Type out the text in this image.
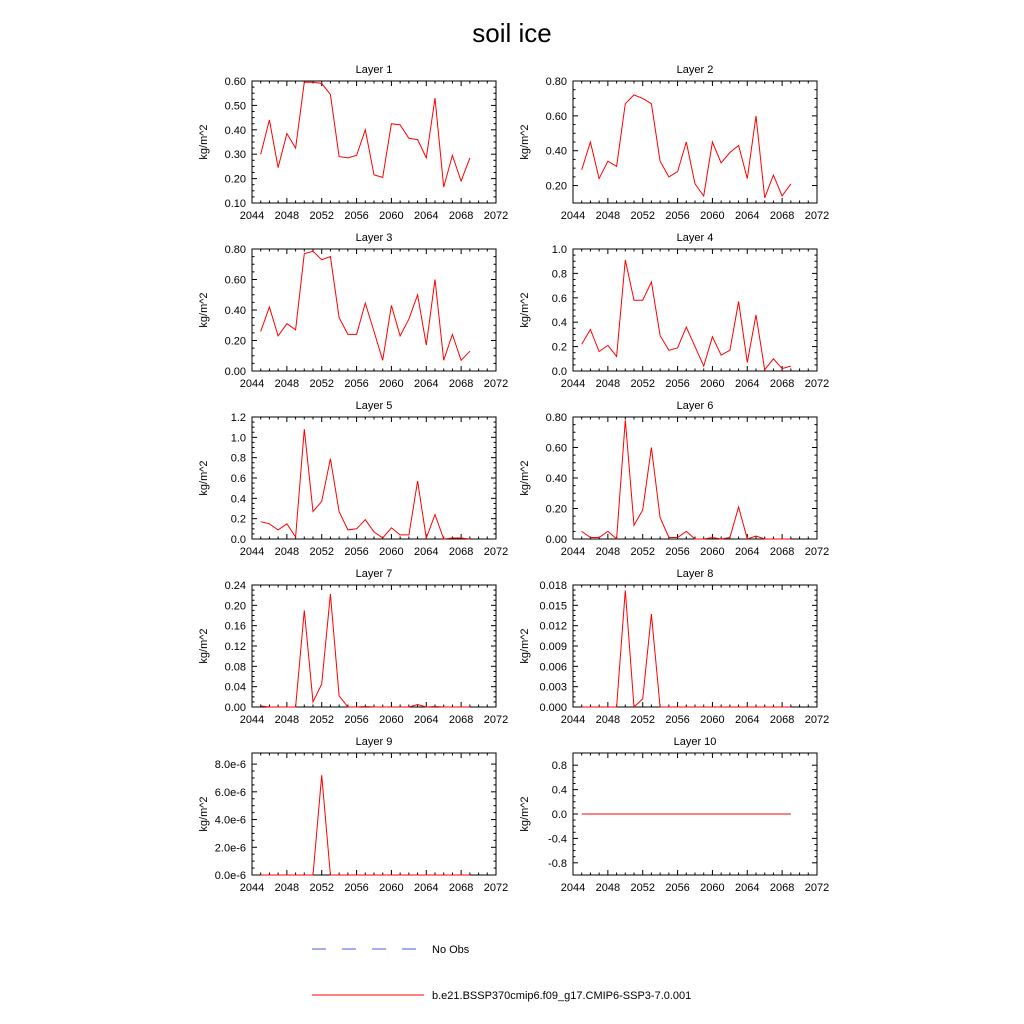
soil ice
Layer 1
kg/m^2
2044 2048 2052 2056 2060 2064 2068 2072
0.10
0.20
0.30
0.40
0.50
0.60
Layer 2
kg/m^2
2044 2048 2052 2056 2060 2064 2068 2072
0.20
0.40
0.60
0.80
Layer 3
kg/m^2
2044 2048 2052 2056 2060 2064 2068 2072
0.00
0.20
0.40
0.60
0.80
Layer 4
kg/m^2
2044 2048 2052 2056 2060 2064 2068 2072
0.0
0.2
0.4
0.6
0.8
1.0
Layer 5
kg/m^2
2044 2048 2052 2056 2060 2064 2068 2072
0.0
0.2
0.4
0.6
0.8
1.0
1.2
Layer 6
kg/m^2
2044 2048 2052 2056 2060 2064 2068 2072
0.00
0.20
0.40
0.60
0.80
Layer 7
kg/m^2
2044 2048 2052 2056 2060 2064 2068 2072
0.00
0.04
0.08
0.12
0.16
0.20
0.24
Layer 8
kg/m^2
2044 2048 2052 2056 2060 2064 2068 2072
0.000
0.003
0.006
0.009
0.012
0.015
0.018
Layer 9
kg/m^2
2044 2048 2052 2056 2060 2064 2068 2072
0.0e-6
2.0e-6
4.0e-6
6.0e-6
8.0e-6
Layer 10
kg/m^2
2044 2048 2052 2056 2060 2064 2068 2072
-0.8
-0.4
0.0
0.4
0.8
No Obs
b.e21.BSSP370cmip6.f09_g17.CMIP6-SSP3-7.0.001
